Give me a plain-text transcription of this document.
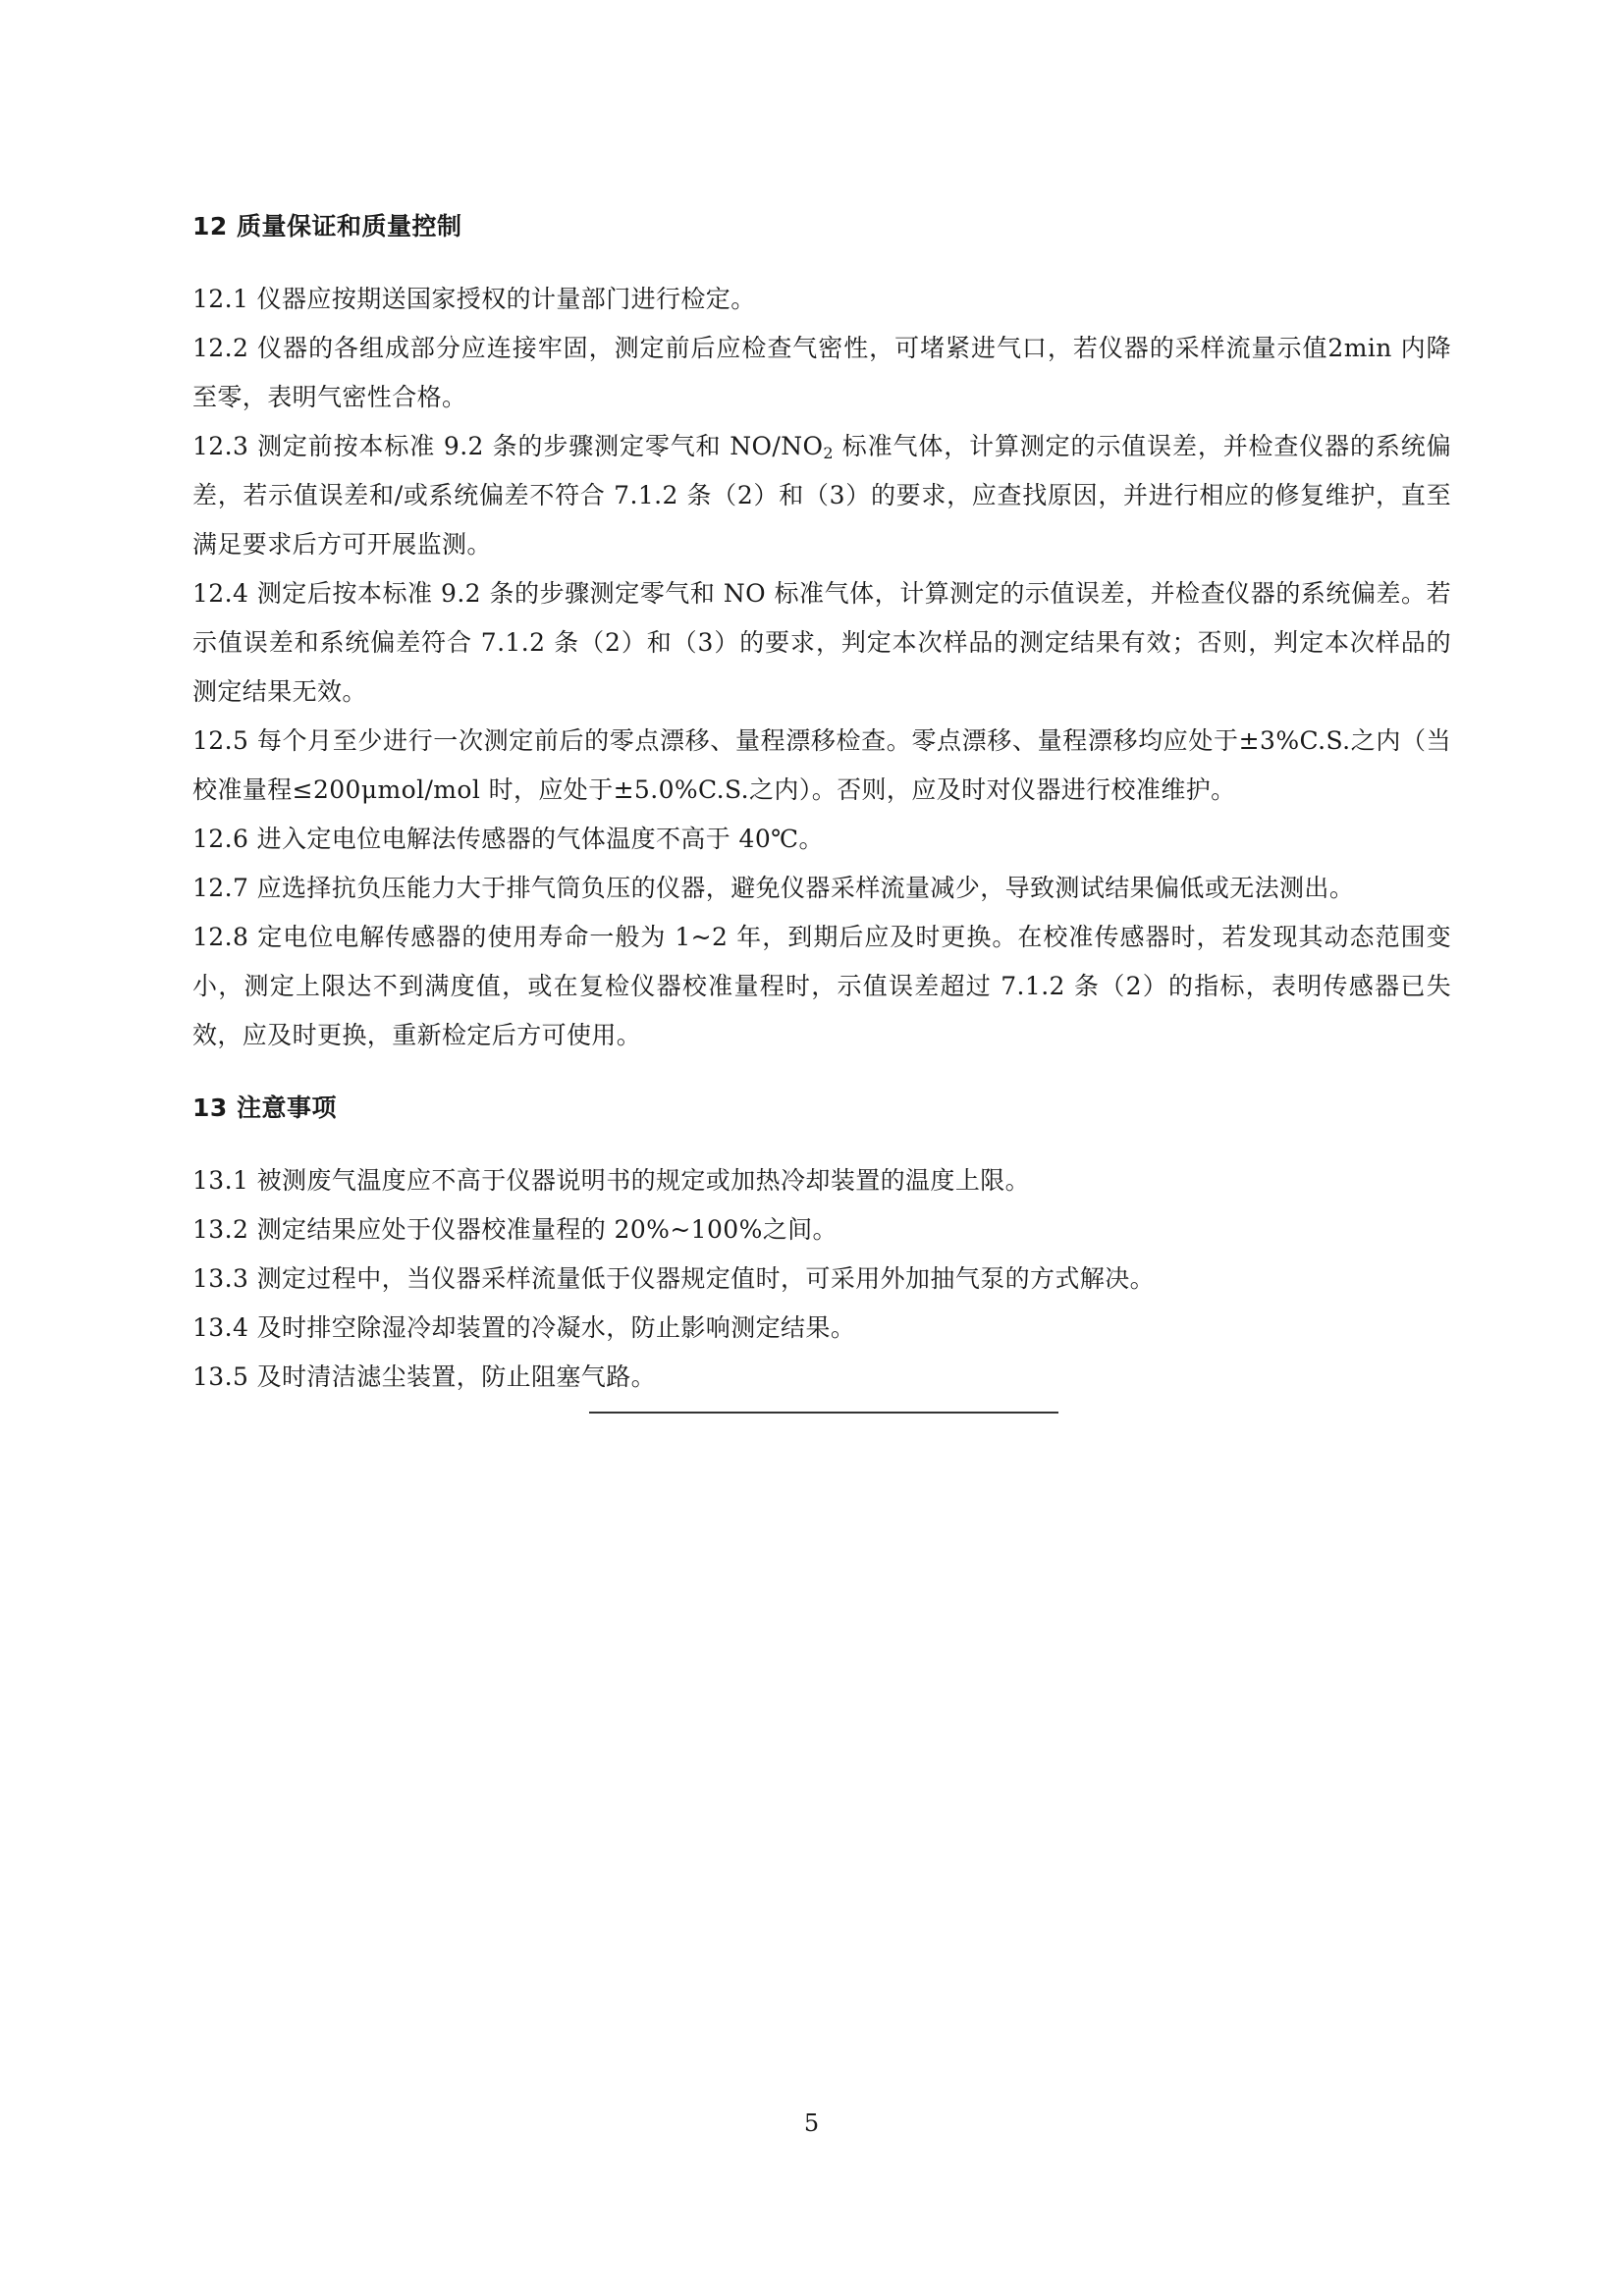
12 质量保证和质量控制
12.1 仪器应按期送国家授权的计量部门进行检定。
12.2 仪器的各组成部分应连接牢固，测定前后应检查气密性，可堵紧进气口，若仪器的采样流量示值2min 内降至零，表明气密性合格。
12.3 测定前按本标准 9.2 条的步骤测定零气和 $NO/NO_2$ 标准气体，计算测定的示值误差，并检查仪器的系统偏差，若示值误差和/或系统偏差不符合 7.1.2 条（2）和（3）的要求，应查找原因，并进行相应的修复维护，直至满足要求后方可开展监测。
12.4 测定后按本标准 9.2 条的步骤测定零气和 NO 标准气体，计算测定的示值误差，并检查仪器的系统偏差。若示值误差和系统偏差符合 7.1.2 条（2）和（3）的要求，判定本次样品的测定结果有效；否则，判定本次样品的测定结果无效。
12.5 每个月至少进行一次测定前后的零点漂移、量程漂移检查。零点漂移、量程漂移均应处于±3%C.S.之内（当校准量程≤200μmol/mol 时，应处于±5.0%C.S.之内）。否则，应及时对仪器进行校准维护。
12.6 进入定电位电解法传感器的气体温度不高于 40℃。
12.7 应选择抗负压能力大于排气筒负压的仪器，避免仪器采样流量减少，导致测试结果偏低或无法测出。
12.8 定电位电解传感器的使用寿命一般为 1~2 年，到期后应及时更换。在校准传感器时，若发现其动态范围变小，测定上限达不到满度值，或在复检仪器校准量程时，示值误差超过 7.1.2 条（2）的指标，表明传感器已失效，应及时更换，重新检定后方可使用。
13 注意事项
13.1 被测废气温度应不高于仪器说明书的规定或加热冷却装置的温度上限。
13.2 测定结果应处于仪器校准量程的 20%~100%之间。
13.3 测定过程中，当仪器采样流量低于仪器规定值时，可采用外加抽气泵的方式解决。
13.4 及时排空除湿冷却装置的冷凝水，防止影响测定结果。
13.5 及时清洁滤尘装置，防止阻塞气路。
5
